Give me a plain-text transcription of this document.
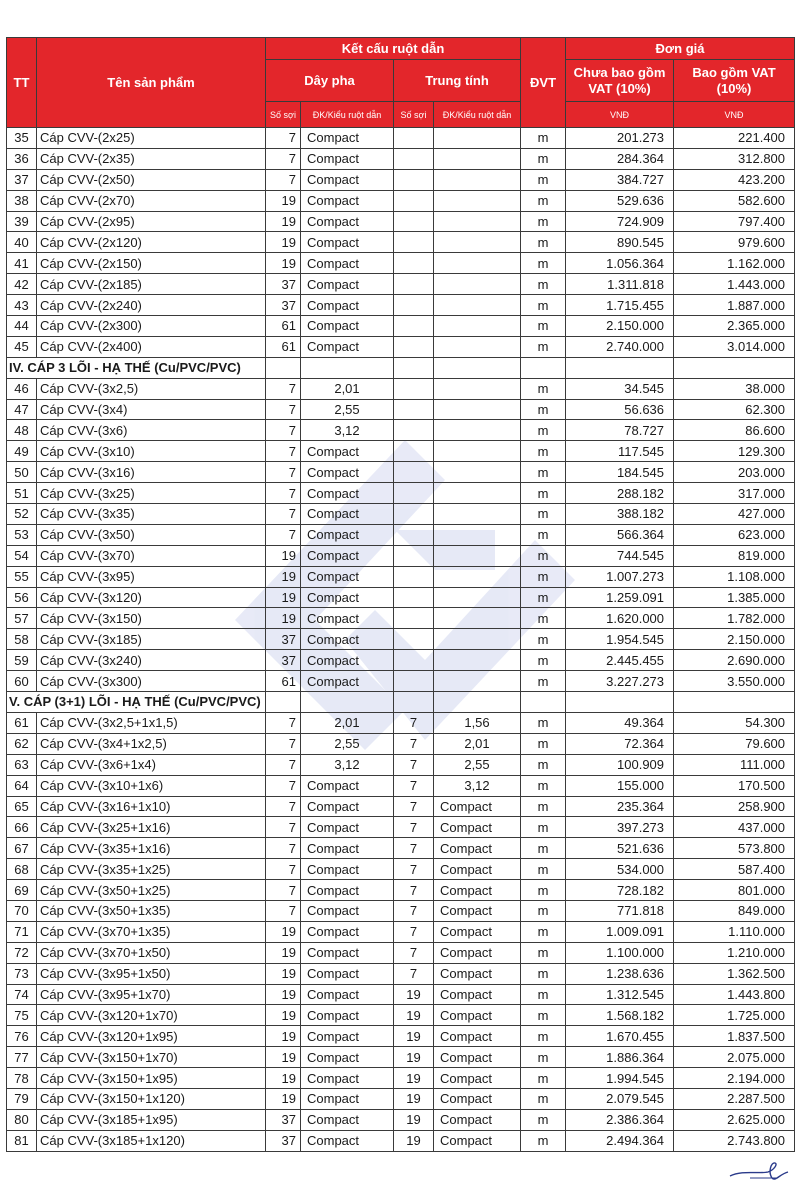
TT	Tên sản phẩm	Kết cấu ruột dẫn				ĐVT	Đơn giá	
		Dây pha		Trung tính			Chưa bao gồm VAT (10%)	Bao gồm VAT (10%)
		Số sợi	ĐK/Kiểu ruột dẫn	Số sợi	ĐK/Kiểu ruột dẫn		VNĐ	VNĐ
35	Cáp CVV-(2x25)	7	Compact			m	201.273	221.400
36	Cáp CVV-(2x35)	7	Compact			m	284.364	312.800
37	Cáp CVV-(2x50)	7	Compact			m	384.727	423.200
38	Cáp CVV-(2x70)	19	Compact			m	529.636	582.600
39	Cáp CVV-(2x95)	19	Compact			m	724.909	797.400
40	Cáp CVV-(2x120)	19	Compact			m	890.545	979.600
41	Cáp CVV-(2x150)	19	Compact			m	1.056.364	1.162.000
42	Cáp CVV-(2x185)	37	Compact			m	1.311.818	1.443.000
43	Cáp CVV-(2x240)	37	Compact			m	1.715.455	1.887.000
44	Cáp CVV-(2x300)	61	Compact			m	2.150.000	2.365.000
45	Cáp CVV-(2x400)	61	Compact			m	2.740.000	3.014.000
IV. CÁP 3 LÕI - HẠ THẾ (Cu/PVC/PVC)								
46	Cáp CVV-(3x2,5)	7	2,01			m	34.545	38.000
47	Cáp CVV-(3x4)	7	2,55			m	56.636	62.300
48	Cáp CVV-(3x6)	7	3,12			m	78.727	86.600
49	Cáp CVV-(3x10)	7	Compact			m	117.545	129.300
50	Cáp CVV-(3x16)	7	Compact			m	184.545	203.000
51	Cáp CVV-(3x25)	7	Compact			m	288.182	317.000
52	Cáp CVV-(3x35)	7	Compact			m	388.182	427.000
53	Cáp CVV-(3x50)	7	Compact			m	566.364	623.000
54	Cáp CVV-(3x70)	19	Compact			m	744.545	819.000
55	Cáp CVV-(3x95)	19	Compact			m	1.007.273	1.108.000
56	Cáp CVV-(3x120)	19	Compact			m	1.259.091	1.385.000
57	Cáp CVV-(3x150)	19	Compact			m	1.620.000	1.782.000
58	Cáp CVV-(3x185)	37	Compact			m	1.954.545	2.150.000
59	Cáp CVV-(3x240)	37	Compact			m	2.445.455	2.690.000
60	Cáp CVV-(3x300)	61	Compact			m	3.227.273	3.550.000
V. CÁP (3+1) LÕI - HẠ THẾ (Cu/PVC/PVC)								
61	Cáp CVV-(3x2,5+1x1,5)	7	2,01	7	1,56	m	49.364	54.300
62	Cáp CVV-(3x4+1x2,5)	7	2,55	7	2,01	m	72.364	79.600
63	Cáp CVV-(3x6+1x4)	7	3,12	7	2,55	m	100.909	111.000
64	Cáp CVV-(3x10+1x6)	7	Compact	7	3,12	m	155.000	170.500
65	Cáp CVV-(3x16+1x10)	7	Compact	7	Compact	m	235.364	258.900
66	Cáp CVV-(3x25+1x16)	7	Compact	7	Compact	m	397.273	437.000
67	Cáp CVV-(3x35+1x16)	7	Compact	7	Compact	m	521.636	573.800
68	Cáp CVV-(3x35+1x25)	7	Compact	7	Compact	m	534.000	587.400
69	Cáp CVV-(3x50+1x25)	7	Compact	7	Compact	m	728.182	801.000
70	Cáp CVV-(3x50+1x35)	7	Compact	7	Compact	m	771.818	849.000
71	Cáp CVV-(3x70+1x35)	19	Compact	7	Compact	m	1.009.091	1.110.000
72	Cáp CVV-(3x70+1x50)	19	Compact	7	Compact	m	1.100.000	1.210.000
73	Cáp CVV-(3x95+1x50)	19	Compact	7	Compact	m	1.238.636	1.362.500
74	Cáp CVV-(3x95+1x70)	19	Compact	19	Compact	m	1.312.545	1.443.800
75	Cáp CVV-(3x120+1x70)	19	Compact	19	Compact	m	1.568.182	1.725.000
76	Cáp CVV-(3x120+1x95)	19	Compact	19	Compact	m	1.670.455	1.837.500
77	Cáp CVV-(3x150+1x70)	19	Compact	19	Compact	m	1.886.364	2.075.000
78	Cáp CVV-(3x150+1x95)	19	Compact	19	Compact	m	1.994.545	2.194.000
79	Cáp CVV-(3x150+1x120)	19	Compact	19	Compact	m	2.079.545	2.287.500
80	Cáp CVV-(3x185+1x95)	37	Compact	19	Compact	m	2.386.364	2.625.000
81	Cáp CVV-(3x185+1x120)	37	Compact	19	Compact	m	2.494.364	2.743.800
